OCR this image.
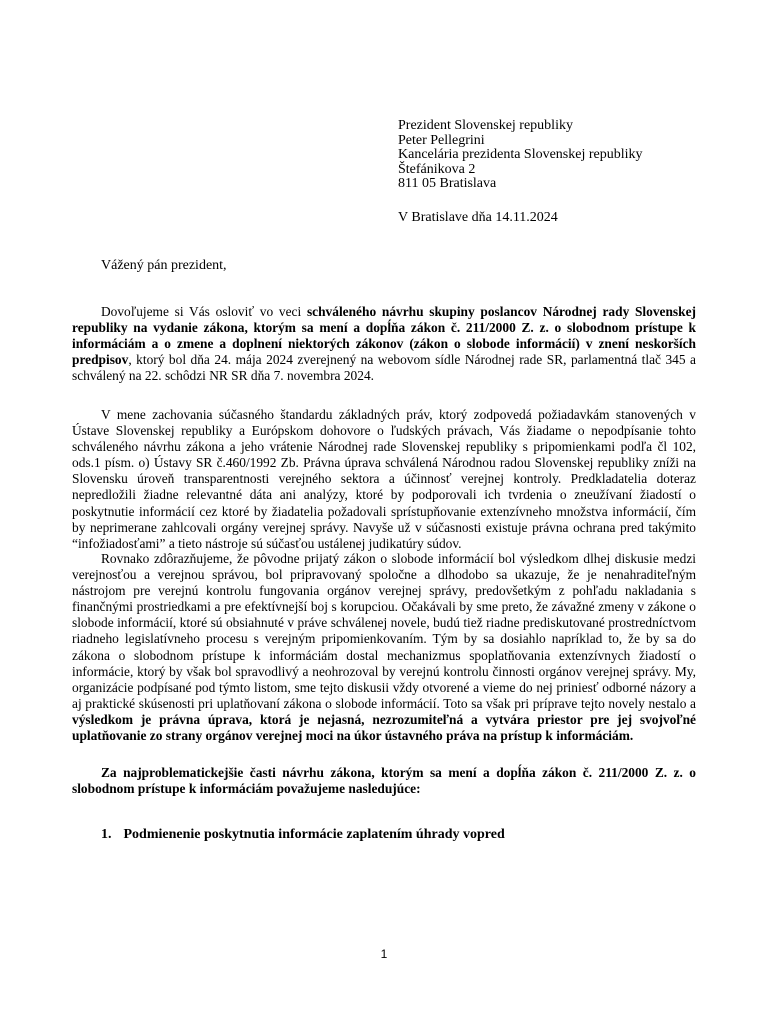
Prezident Slovenskej republiky
Peter Pellegrini
Kancelária prezidenta Slovenskej republiky
Štefánikova 2
811 05 Bratislava
V Bratislave dňa 14.11.2024
Vážený pán prezident,
Dovoľujeme si Vás osloviť vo veci schváleného návrhu skupiny poslancov Národnej rady Slovenskej republiky na vydanie zákona, ktorým sa mení a dopĺňa zákon č. 211/2000 Z. z. o slobodnom prístupe k informáciám a o zmene a doplnení niektorých zákonov (zákon o slobode informácií) v znení neskorších predpisov, ktorý bol dňa 24. mája 2024 zverejnený na webovom sídle Národnej rade SR, parlamentná tlač 345 a schválený na 22. schôdzi NR SR dňa 7. novembra 2024.
V mene zachovania súčasného štandardu základných práv, ktorý zodpovedá požiadavkám stanovených v Ústave Slovenskej republiky a Európskom dohovore o ľudských právach, Vás žiadame o nepodpísanie tohto schváleného návrhu zákona a jeho vrátenie Národnej rade Slovenskej republiky s pripomienkami podľa čl 102, ods.1 písm. o) Ústavy SR č.460/1992 Zb. Právna úprava schválená Národnou radou Slovenskej republiky zníži na Slovensku úroveň transparentnosti verejného sektora a účinnosť verejnej kontroly. Predkladatelia doteraz nepredložili žiadne relevantné dáta ani analýzy, ktoré by podporovali ich tvrdenia o zneužívaní žiadostí o poskytnutie informácií cez ktoré by žiadatelia požadovali sprístupňovanie extenzívneho množstva informácií, čím by neprimerane zahlcovali orgány verejnej správy. Navyše už v súčasnosti existuje právna ochrana pred takýmito “infožiadosťami” a tieto nástroje sú súčasťou ustálenej judikatúry súdov.
Rovnako zdôrazňujeme, že pôvodne prijatý zákon o slobode informácií bol výsledkom dlhej diskusie medzi verejnosťou a verejnou správou, bol pripravovaný spoločne a dlhodobo sa ukazuje, že je nenahraditeľným nástrojom pre verejnú kontrolu fungovania orgánov verejnej správy, predovšetkým z pohľadu nakladania s finančnými prostriedkami a pre efektívnejší boj s korupciou. Očakávali by sme preto, že závažné zmeny v zákone o slobode informácií, ktoré sú obsiahnuté v práve schválenej novele, budú tiež riadne prediskutované prostredníctvom riadneho legislatívneho procesu s verejným pripomienkovaním. Tým by sa dosiahlo napríklad to, že by sa do zákona o slobodnom prístupe k informáciám dostal mechanizmus spoplatňovania extenzívnych žiadostí o informácie, ktorý by však bol spravodlivý a neohrozoval by verejnú kontrolu činnosti orgánov verejnej správy. My, organizácie podpísané pod týmto listom, sme tejto diskusii vždy otvorené a vieme do nej priniesť odborné názory a aj praktické skúsenosti pri uplatňovaní zákona o slobode informácií. Toto sa však pri príprave tejto novely nestalo a výsledkom je právna úprava, ktorá je nejasná, nezrozumiteľná a vytvára priestor pre jej svojvoľné uplatňovanie zo strany orgánov verejnej moci na úkor ústavného práva na prístup k informáciám.
Za najproblematickejšie časti návrhu zákona, ktorým sa mení a dopĺňa zákon č. 211/2000 Z. z. o slobodnom prístupe k informáciám považujeme nasledujúce:
1. Podmienenie poskytnutia informácie zaplatením úhrady vopred
1
